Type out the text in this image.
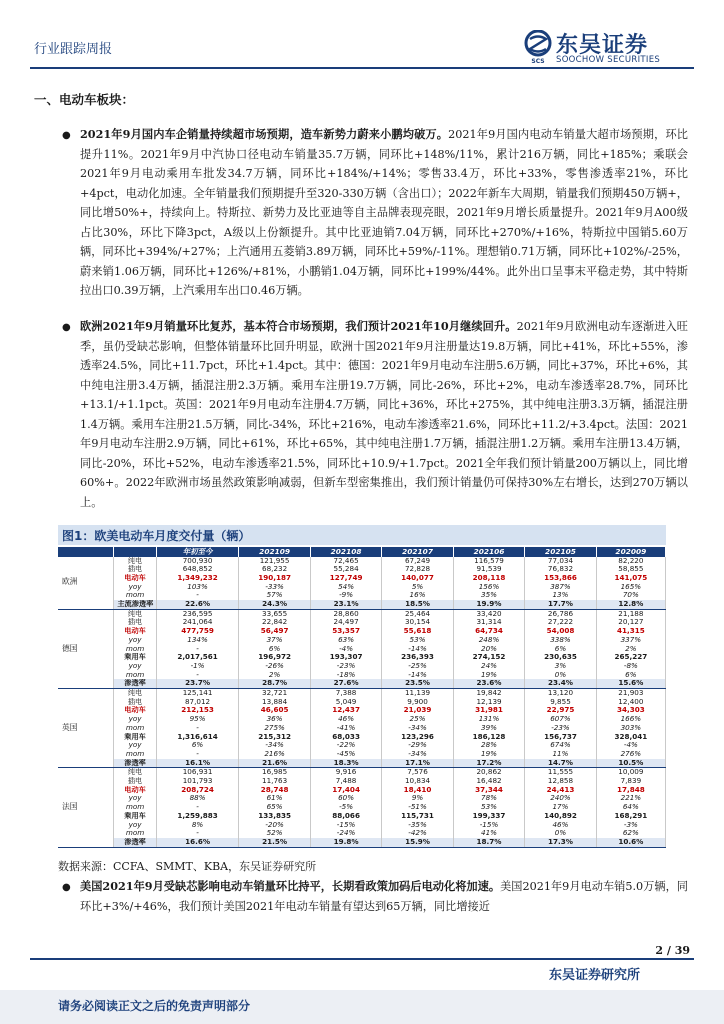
行业跟踪周报
SCS
东吴证券
SOOCHOW SECURITIES
一、电动车板块：
● 2021年9月国内车企销量持续超市场预期，造车新势力蔚来小鹏均破万。2021年9月国内电动车销量大超市场预期，环比提升11%。2021年9月中汽协口径电动车销量35.7万辆，同环比+148%/11%，累计216万辆，同比+185%；乘联会2021年9月电动乘用车批发34.7万辆，同环比+184%/+14%；零售33.4万，环比+33%，零售渗透率21%，环比+4pct，电动化加速。全年销量我们预期提升至320-330万辆（含出口）；2022年新车大周期，销量我们预期450万辆+，同比增50%+，持续向上。特斯拉、新势力及比亚迪等自主品牌表现亮眼，2021年9月增长质量提升。2021年9月A00级占比30%，环比下降3pct，A级以上份额提升。其中比亚迪销7.04万辆，同环比+270%/+16%，特斯拉中国销5.60万辆，同环比+394%/+27%；上汽通用五菱销3.89万辆，同环比+59%/-11%。理想销0.71万辆，同环比+102%/-25%，蔚来销1.06万辆，同环比+126%/+81%，小鹏销1.04万辆，同环比+199%/44%。此外出口呈事末平稳走势，其中特斯拉出口0.39万辆，上汽乘用车出口0.46万辆。
● 欧洲2021年9月销量环比复苏，基本符合市场预期，我们预计2021年10月继续回升。2021年9月欧洲电动车逐渐进入旺季，虽仍受缺芯影响，但整体销量环比回升明显，欧洲十国2021年9月注册量达19.8万辆，同比+41%，环比+55%，渗透率24.5%，同比+11.7pct，环比+1.4pct。其中：德国：2021年9月电动车注册5.6万辆，同比+37%，环比+6%，其中纯电注册3.4万辆，插混注册2.3万辆。乘用车注册19.7万辆，同比-26%，环比+2%，电动车渗透率28.7%，同环比+13.1/+1.1pct。英国：2021年9月电动车注册4.7万辆，同比+36%，环比+275%，其中纯电注册3.3万辆，插混注册1.4万辆。乘用车注册21.5万辆，同比-34%，环比+216%，电动车渗透率21.6%，同环比+11.2/+3.4pct。法国：2021年9月电动车注册2.9万辆，同比+61%，环比+65%，其中纯电注册1.7万辆，插混注册1.2万辆。乘用车注册13.4万辆，同比-20%，环比+52%，电动车渗透率21.5%，同环比+10.9/+1.7pct。2021全年我们预计销量200万辆以上，同比增60%+。2022年欧洲市场虽然政策影响减弱，但新车型密集推出，我们预计销量仍可保持30%左右增长，达到270万辆以上。
图1：欧美电动车月度交付量（辆）
		年初至今	202109	202108	202107	202106	202105	202009
欧洲	纯电	700,930	121,955	72,465	67,249	116,579	77,034	82,220
	插电	648,852	68,232	55,284	72,828	91,539	76,832	58,855
	电动车	1,349,232	190,187	127,749	140,077	208,118	153,866	141,075
	yoy	103%	-33%	54%	5%	156%	387%	165%
	mom	-	57%	-9%	16%	35%	13%	70%
	主流渗透率	22.6%	24.3%	23.1%	18.5%	19.9%	17.7%	12.8%
德国	纯电	236,595	33,655	28,860	25,464	33,420	26,786	21,188
	插电	241,064	22,842	24,497	30,154	31,314	27,222	20,127
	电动车	477,759	56,497	53,357	55,618	64,734	54,008	41,315
	yoy	134%	37%	63%	53%	248%	338%	337%
	mom	-	6%	-4%	-14%	20%	6%	2%
	乘用车	2,017,561	196,972	193,307	236,393	274,152	230,635	265,227
	yoy	-1%	-26%	-23%	-25%	24%	3%	-8%
	mom	-	2%	-18%	-14%	19%	0%	6%
	渗透率	23.7%	28.7%	27.6%	23.5%	23.6%	23.4%	15.6%
英国	纯电	125,141	32,721	7,388	11,139	19,842	13,120	21,903
	插电	87,012	13,884	5,049	9,900	12,139	9,855	12,400
	电动车	212,153	46,605	12,437	21,039	31,981	22,975	34,303
	yoy	95%	36%	46%	25%	131%	607%	166%
	mom	-	275%	-41%	-34%	39%	-23%	303%
	乘用车	1,316,614	215,312	68,033	123,296	186,128	156,737	328,041
	yoy	6%	-34%	-22%	-29%	28%	674%	-4%
	mom	-	216%	-45%	-34%	19%	11%	276%
	渗透率	16.1%	21.6%	18.3%	17.1%	17.2%	14.7%	10.5%
法国	纯电	106,931	16,985	9,916	7,576	20,862	11,555	10,009
	插电	101,793	11,763	7,488	10,834	16,482	12,858	7,839
	电动车	208,724	28,748	17,404	18,410	37,344	24,413	17,848
	yoy	88%	61%	60%	9%	78%	240%	221%
	mom	-	65%	-5%	-51%	53%	17%	64%
	乘用车	1,259,883	133,835	88,066	115,731	199,337	140,892	168,291
	yoy	8%	-20%	-15%	-35%	-15%	46%	-3%
	mom	-	52%	-24%	-42%	41%	0%	62%
	渗透率	16.6%	21.5%	19.8%	15.9%	18.7%	17.3%	10.6%
数据来源：CCFA、SMMT、KBA，东吴证券研究所
● 美国2021年9月受缺芯影响电动车销量环比持平，长期看政策加码后电动化将加速。美国2021年9月电动车销5.0万辆，同环比+3%/+46%，我们预计美国2021年电动车销量有望达到65万辆，同比增接近
2 / 39
东吴证券研究所
请务必阅读正文之后的免责声明部分
